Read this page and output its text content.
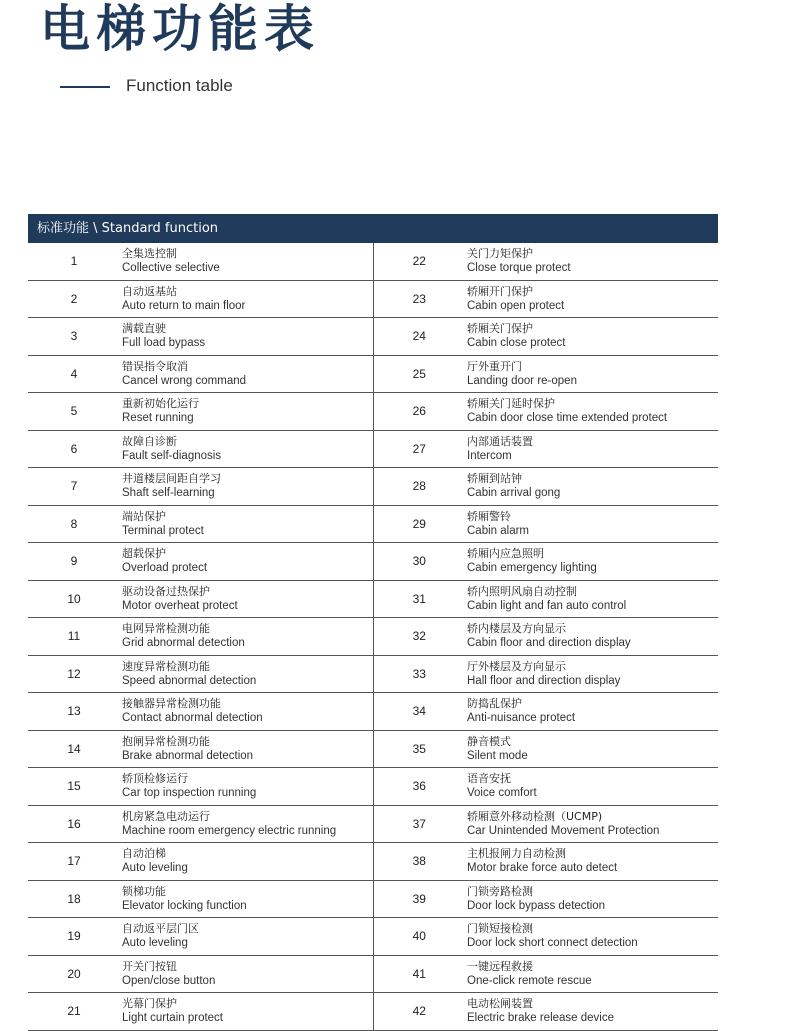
电梯功能表
Function table
标准功能 \ Standard function
1	全集选控制
Collective selective	22	关门力矩保护
Close torque protect

2	自动返基站
Auto return to main floor	23	轿厢开门保护
Cabin open protect

3	满载直驶
Full load bypass	24	轿厢关门保护
Cabin close protect

4	错误指令取消
Cancel wrong command	25	厅外重开门
Landing door re-open

5	重新初始化运行
Reset running	26	轿厢关门延时保护
Cabin door close time extended protect

6	故障自诊断
Fault self-diagnosis	27	内部通话装置
Intercom

7	井道楼层间距自学习
Shaft self-learning	28	轿厢到站钟
Cabin arrival gong

8	端站保护
Terminal protect	29	轿厢警铃
Cabin alarm

9	超载保护
Overload protect	30	轿厢内应急照明
Cabin emergency lighting

10	驱动设备过热保护
Motor overheat protect	31	轿内照明风扇自动控制
Cabin light and fan auto control

11	电网异常检测功能
Grid abnormal detection	32	轿内楼层及方向显示
Cabin floor and direction display

12	速度异常检测功能
Speed abnormal detection	33	厅外楼层及方向显示
Hall floor and direction display

13	接触器异常检测功能
Contact abnormal detection	34	防捣乱保护
Anti-nuisance protect

14	抱闸异常检测功能
Brake abnormal detection	35	静音模式
Silent mode

15	轿顶检修运行
Car top inspection running	36	语音安抚
Voice comfort

16	机房紧急电动运行
Machine room emergency electric running	37	轿厢意外移动检测（UCMP)
Car Unintended Movement Protection

17	自动泊梯
Auto leveling	38	主机报闸力自动检测
Motor brake force auto detect

18	锁梯功能
Elevator locking function	39	门锁旁路检测
Door lock bypass detection

19	自动返平层门区
Auto leveling	40	门锁短接检测
Door lock short connect detection

20	开关门按钮
Open/close button	41	一键远程救援
One-click remote rescue

21	光幕门保护
Light curtain protect	42	电动松闸装置
Electric brake release device
